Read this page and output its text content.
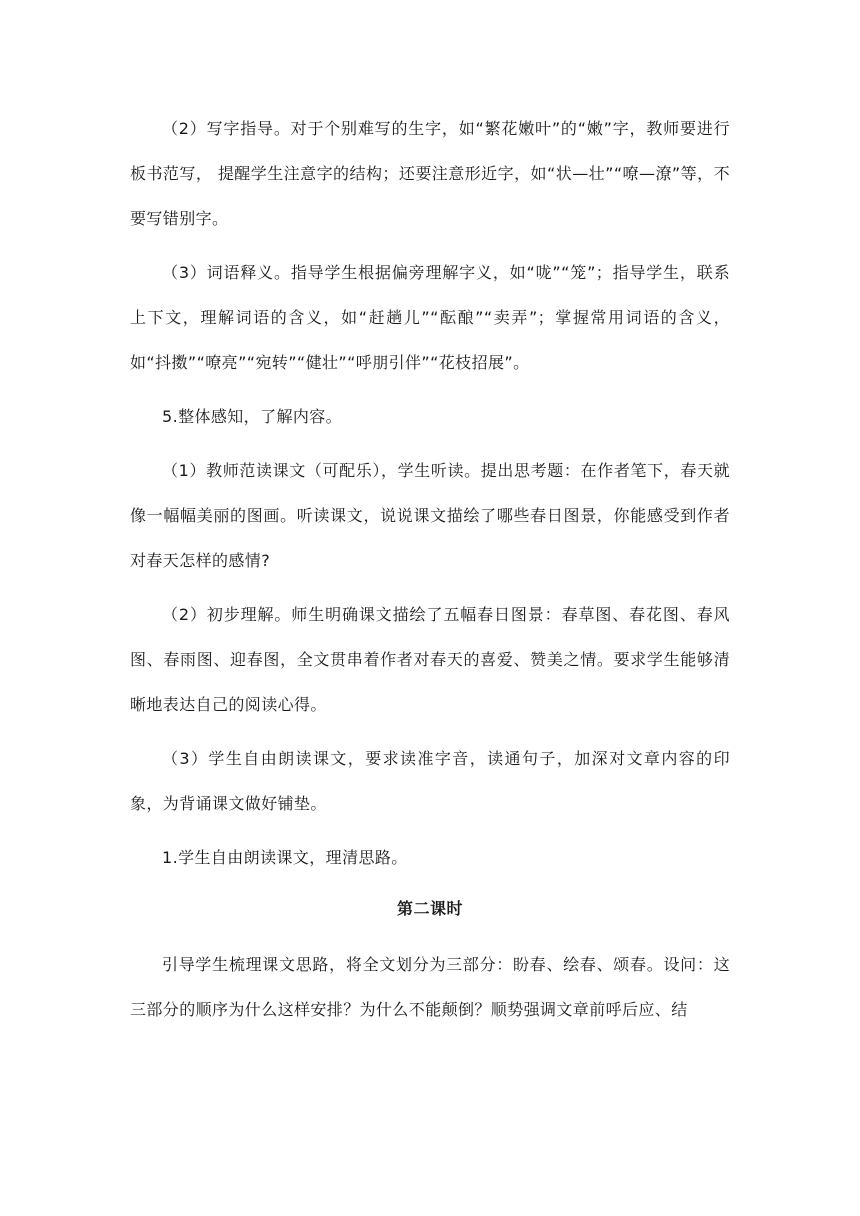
（2）写字指导。对于个别难写的生字，如“繁花嫩叶”的“嫩”字，教师要进行板书范写， 提醒学生注意字的结构；还要注意形近字，如“状—壮”“嘹—潦”等，不要写错别字。

（3）词语释义。指导学生根据偏旁理解字义，如“咙”“笼”；指导学生，联系上下文，理解词语的含义，如“赶趟儿”“酝酿”“卖弄”；掌握常用词语的含义，如“抖擞”“嘹亮”“宛转”“健壮”“呼朋引伴”“花枝招展”。

5.整体感知，了解内容。

（1）教师范读课文（可配乐），学生听读。提出思考题：在作者笔下，春天就像一幅幅美丽的图画。听读课文，说说课文描绘了哪些春日图景，你能感受到作者对春天怎样的感情?

（2）初步理解。师生明确课文描绘了五幅春日图景：春草图、春花图、春风图、春雨图、迎春图，全文贯串着作者对春天的喜爱、赞美之情。要求学生能够清晰地表达自己的阅读心得。

（3）学生自由朗读课文，要求读准字音，读通句子，加深对文章内容的印象，为背诵课文做好铺垫。

1.学生自由朗读课文，理清思路。

第二课时

引导学生梳理课文思路，将全文划分为三部分：盼春、绘春、颂春。设问：这三部分的顺序为什么这样安排？为什么不能颠倒？顺势强调文章前呼后应、结
